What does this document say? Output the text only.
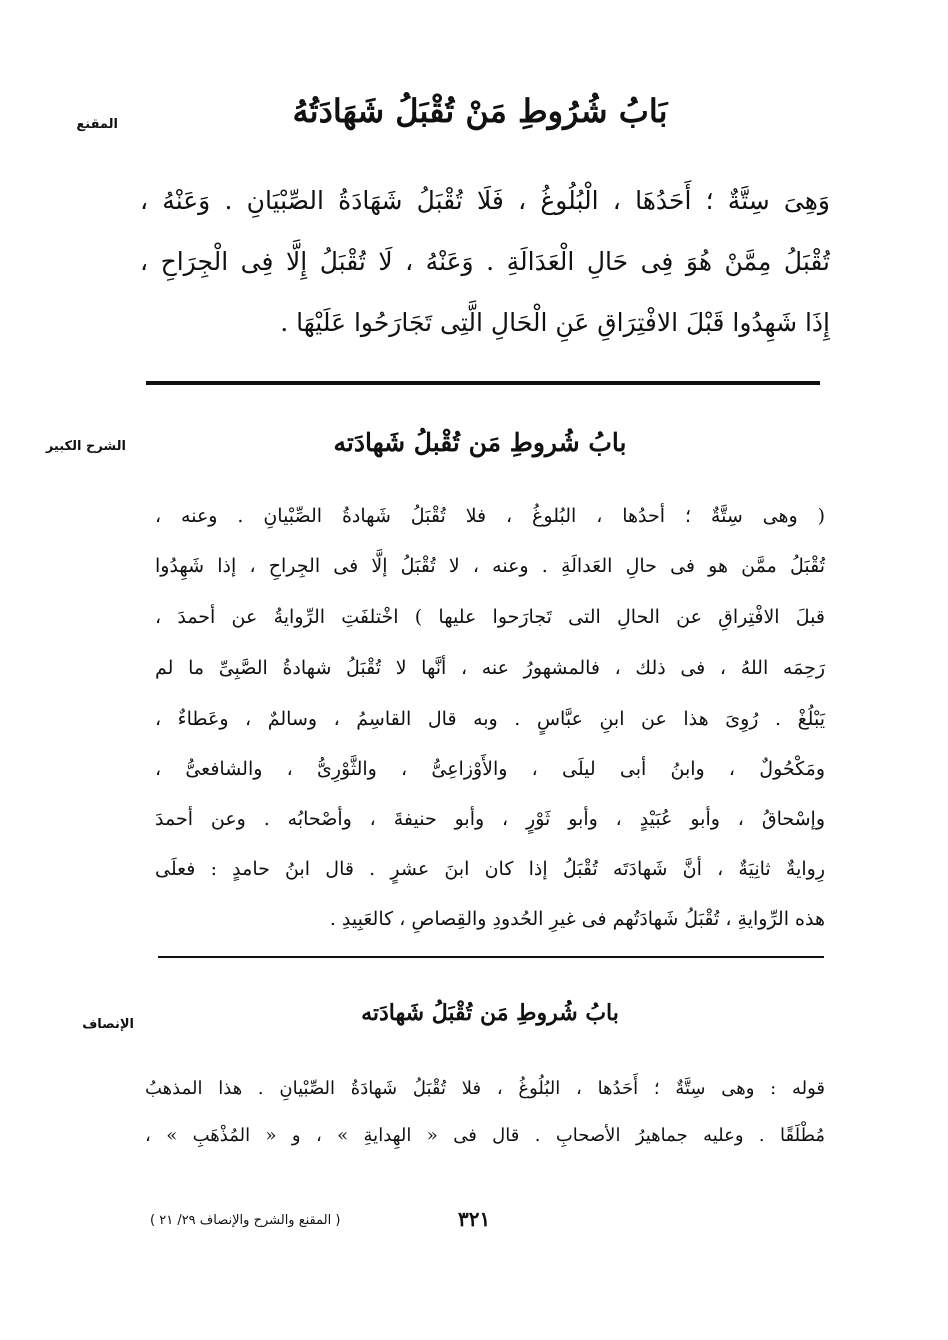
المقنع	بَابُ شُرُوطِ مَنْ تُقْبَلُ شَهَادَتُهُ
وَهِىَ سِتَّةٌ ؛ أَحَدُهَا ، الْبُلُوغُ ، فَلَا تُقْبَلُ شَهَادَةُ الصِّبْيَانِ . وَعَنْهُ ،
تُقْبَلُ مِمَّنْ هُوَ فِى حَالِ الْعَدَالَةِ . وَعَنْهُ ، لَا تُقْبَلُ إِلَّا فِى الْجِرَاحِ ،
إِذَا شَهِدُوا قَبْلَ الافْتِرَاقِ عَنِ الْحَالِ الَّتِى تَجَارَحُوا عَلَيْهَا .
الشرح الكبير	بابُ شُروطِ مَن تُقْبلُ شَهادَته
( وهى سِتَّةٌ ؛ أحدُها ، البُلوغُ ، فلا تُقْبَلُ شَهادةُ الصِّبْيانِ . وعنه ،
تُقْبَلُ ممَّن هو فى حالِ العَدالَةِ . وعنه ، لا تُقْبَلُ إلَّا فى الجِراحِ ، إذا شَهِدُوا
قبلَ الافْتِراقِ عن الحالِ التى تَجارَحوا عليها ) اخْتلفَتِ الرِّوايةُ عن أحمدَ ،
رَحِمَه اللهُ ، فى ذلك ، فالمشهورُ عنه ، أنَّها لا تُقْبَلُ شهادةُ الصَّبِىِّ ما لم
يَبْلُغْ . رُوِىَ هذا عن ابنِ عبَّاسٍ . وبه قال القاسِمُ ، وسالمٌ ، وعَطاءٌ ،
ومَكْحُولٌ ، وابنُ أبى ليلَى ، والأَوْزاعِىُّ ، والثَّوْرِىُّ ، والشافعىُّ ،
وإسْحاقُ ، وأبو عُبَيْدٍ ، وأبو ثَوْرٍ ، وأبو حنيفةَ ، وأصْحابُه . وعن أحمدَ
رِوايةٌ ثانِيَةٌ ، أنَّ شَهادَتَه تُقْبَلُ إذا كان ابنَ عشرٍ . قال ابنُ حامدٍ : فعلَى
هذه الرِّوايةِ ، تُقْبَلُ شَهادَتُهم فى غيرِ الحُدودِ والقِصاصِ ، كالعَبِيدِ .
الإنصاف	بابُ شُروطِ مَن تُقْبَلُ شَهادَته
قوله : وهى سِتَّةٌ ؛ أَحَدُها ، البُلُوغُ ، فلا تُقْبَلُ شَهادَةُ الصِّبْيانِ . هذا المذهبُ
مُطْلَقًا . وعليه جماهيرُ الأصحابِ . قال فى « الهِدايةِ » ، و « المُذْهَبِ » ،
( المقنع والشرح والإنصاف ٢٩/ ٢١ )	٣٢١
